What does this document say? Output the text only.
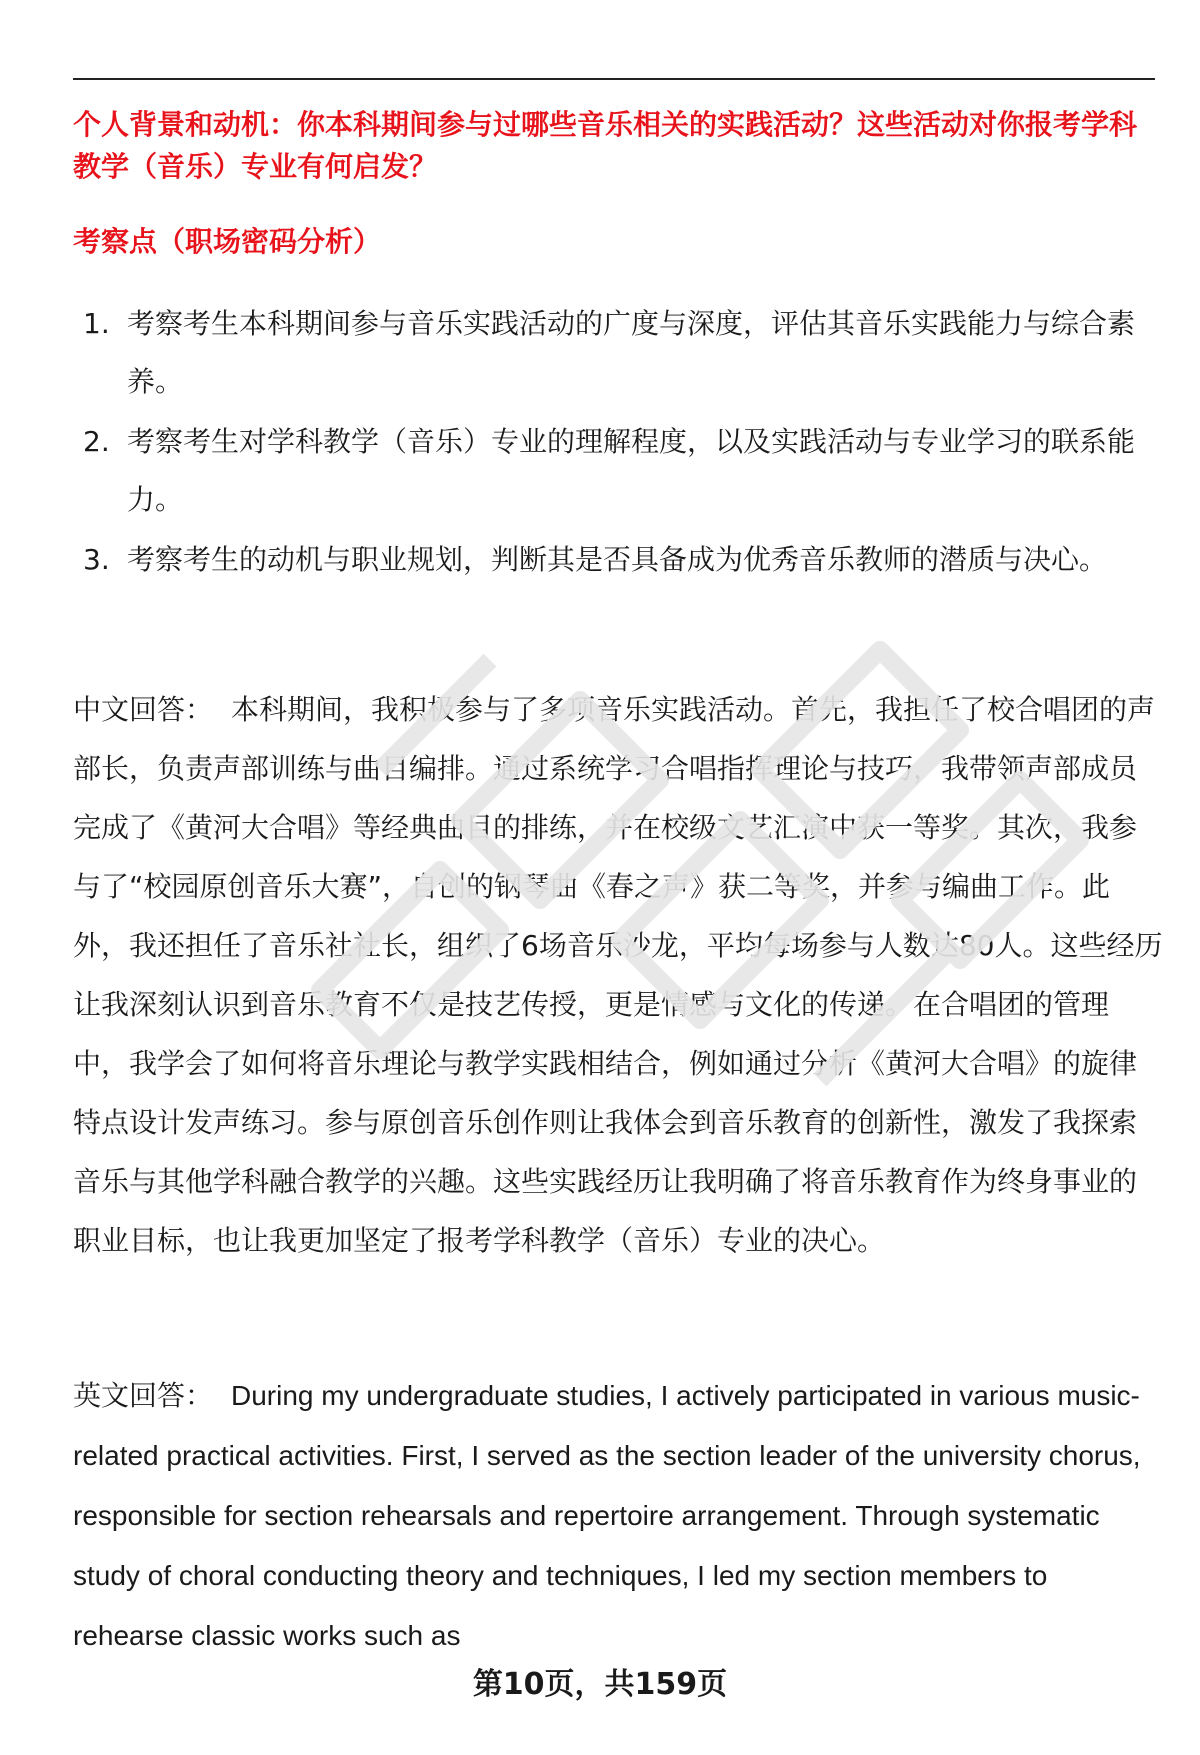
个人背景和动机：你本科期间参与过哪些音乐相关的实践活动？这些活动对你报考学科教学（音乐）专业有何启发？

考察点（职场密码分析）

1. 考察考生本科期间参与音乐实践活动的广度与深度，评估其音乐实践能力与综合素养。
2. 考察考生对学科教学（音乐）专业的理解程度，以及实践活动与专业学习的联系能力。
3. 考察考生的动机与职业规划，判断其是否具备成为优秀音乐教师的潜质与决心。

中文回答： 本科期间，我积极参与了多项音乐实践活动。首先，我担任了校合唱团的声部长，负责声部训练与曲目编排。通过系统学习合唱指挥理论与技巧，我带领声部成员完成了《黄河大合唱》等经典曲目的排练，并在校级文艺汇演中获一等奖。其次，我参与了“校园原创音乐大赛”，自创的钢琴曲《春之声》获二等奖，并参与编曲工作。此外，我还担任了音乐社社长，组织了6场音乐沙龙，平均每场参与人数达80人。这些经历让我深刻认识到音乐教育不仅是技艺传授，更是情感与文化的传递。在合唱团的管理中，我学会了如何将音乐理论与教学实践相结合，例如通过分析《黄河大合唱》的旋律特点设计发声练习。参与原创音乐创作则让我体会到音乐教育的创新性，激发了我探索音乐与其他学科融合教学的兴趣。这些实践经历让我明确了将音乐教育作为终身事业的职业目标，也让我更加坚定了报考学科教学（音乐）专业的决心。

英文回答： During my undergraduate studies, I actively participated in various music-related practical activities. First, I served as the section leader of the university chorus, responsible for section rehearsals and repertoire arrangement. Through systematic study of choral conducting theory and techniques, I led my section members to rehearse classic works such as

第10页，共159页
